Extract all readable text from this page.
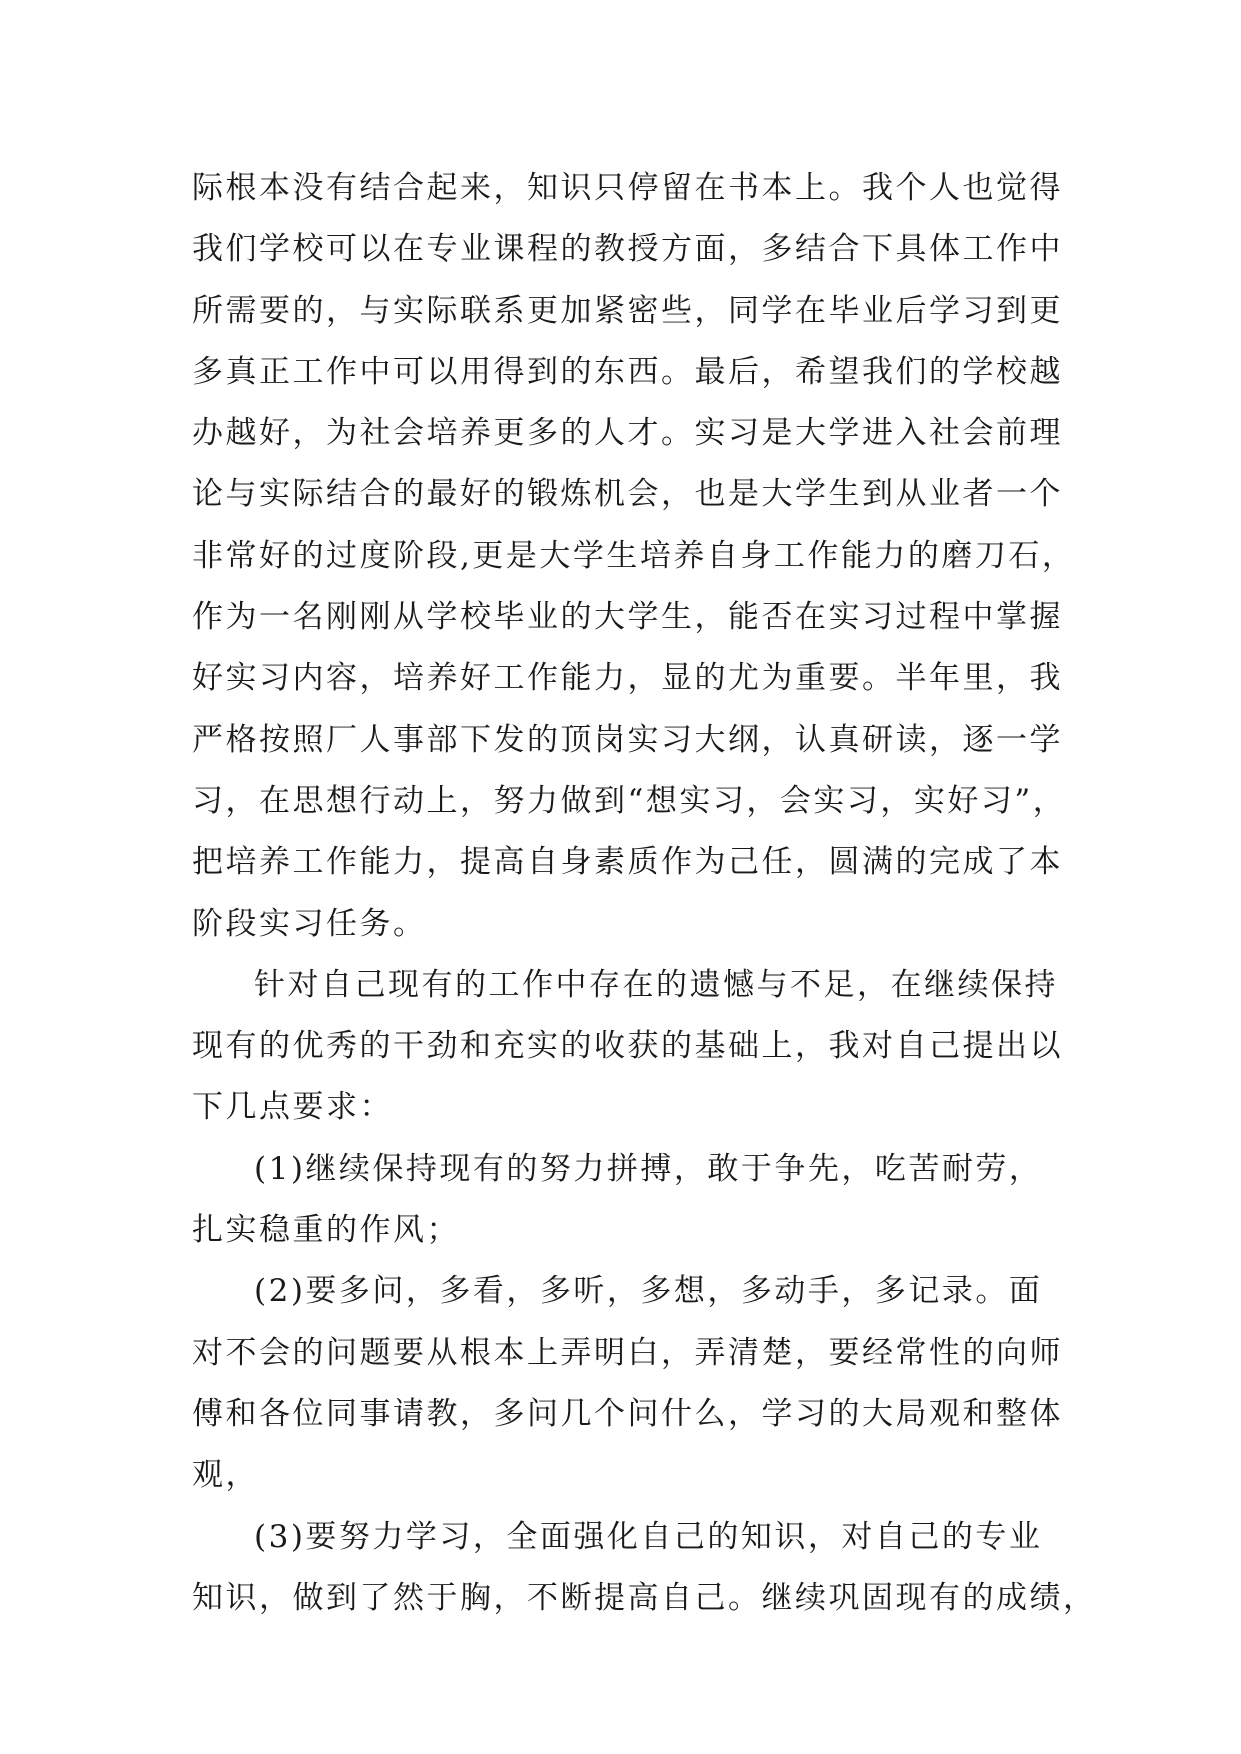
际根本没有结合起来，知识只停留在书本上。我个人也觉得
我们学校可以在专业课程的教授方面，多结合下具体工作中
所需要的，与实际联系更加紧密些，同学在毕业后学习到更
多真正工作中可以用得到的东西。最后，希望我们的学校越
办越好，为社会培养更多的人才。实习是大学进入社会前理
论与实际结合的最好的锻炼机会，也是大学生到从业者一个
非常好的过度阶段,更是大学生培养自身工作能力的磨刀石，
作为一名刚刚从学校毕业的大学生，能否在实习过程中掌握
好实习内容，培养好工作能力，显的尤为重要。半年里，我
严格按照厂人事部下发的顶岗实习大纲，认真研读，逐一学
习，在思想行动上，努力做到“想实习，会实习，实好习”，
把培养工作能力，提高自身素质作为己任，圆满的完成了本
阶段实习任务。
针对自己现有的工作中存在的遗憾与不足，在继续保持
现有的优秀的干劲和充实的收获的基础上，我对自己提出以
下几点要求：
(1)继续保持现有的努力拼搏，敢于争先，吃苦耐劳，
扎实稳重的作风；
(2)要多问，多看，多听，多想，多动手，多记录。面
对不会的问题要从根本上弄明白，弄清楚，要经常性的向师
傅和各位同事请教，多问几个问什么，学习的大局观和整体
观，
(3)要努力学习，全面强化自己的知识，对自己的专业
知识，做到了然于胸，不断提高自己。继续巩固现有的成绩，
